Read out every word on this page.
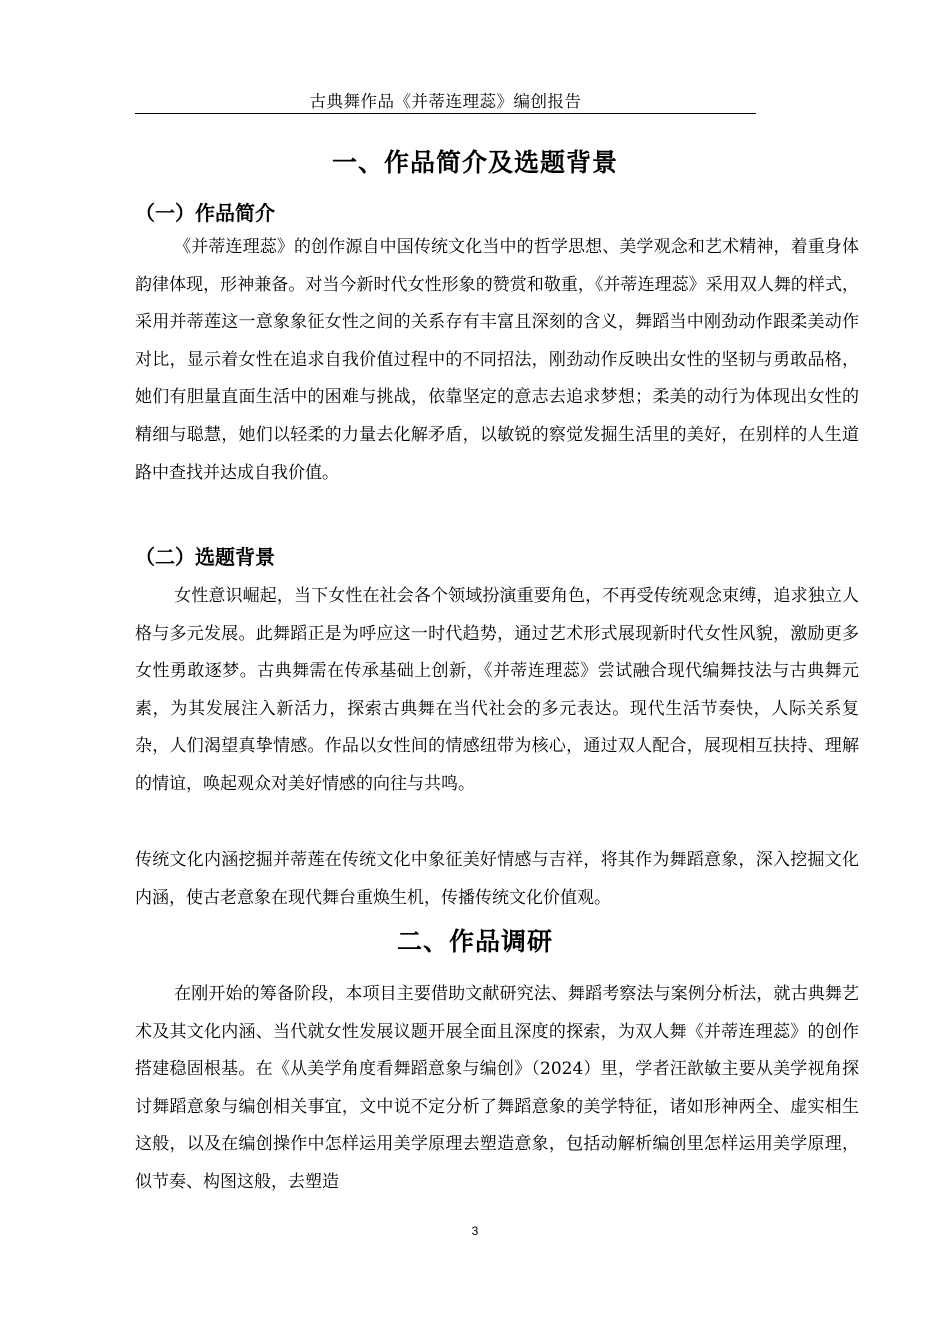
古典舞作品《并蒂连理蕊》编创报告
一、作品简介及选题背景
（一）作品简介

《并蒂连理蕊》的创作源自中国传统文化当中的哲学思想、美学观念和艺术精神，着重身体韵律体现，形神兼备。对当今新时代女性形象的赞赏和敬重，《并蒂连理蕊》采用双人舞的样式，采用并蒂莲这一意象象征女性之间的关系存有丰富且深刻的含义，舞蹈当中刚劲动作跟柔美动作对比，显示着女性在追求自我价值过程中的不同招法，刚劲动作反映出女性的坚韧与勇敢品格，她们有胆量直面生活中的困难与挑战，依靠坚定的意志去追求梦想；柔美的动行为体现出女性的精细与聪慧，她们以轻柔的力量去化解矛盾，以敏锐的察觉发掘生活里的美好，在别样的人生道路中查找并达成自我价值。

（二）选题背景

女性意识崛起，当下女性在社会各个领域扮演重要角色，不再受传统观念束缚，追求独立人格与多元发展。此舞蹈正是为呼应这一时代趋势，通过艺术形式展现新时代女性风貌，激励更多女性勇敢逐梦。古典舞需在传承基础上创新，《并蒂连理蕊》尝试融合现代编舞技法与古典舞元素，为其发展注入新活力，探索古典舞在当代社会的多元表达。现代生活节奏快，人际关系复杂，人们渴望真挚情感。作品以女性间的情感纽带为核心，通过双人配合，展现相互扶持、理解的情谊，唤起观众对美好情感的向往与共鸣。

传统文化内涵挖掘并蒂莲在传统文化中象征美好情感与吉祥，将其作为舞蹈意象，深入挖掘文化内涵，使古老意象在现代舞台重焕生机，传播传统文化价值观。

二、作品调研

在刚开始的筹备阶段，本项目主要借助文献研究法、舞蹈考察法与案例分析法，就古典舞艺术及其文化内涵、当代就女性发展议题开展全面且深度的探索，为双人舞《并蒂连理蕊》的创作搭建稳固根基。在《从美学角度看舞蹈意象与编创》（2024）里，学者汪歆敏主要从美学视角探讨舞蹈意象与编创相关事宜，文中说不定分析了舞蹈意象的美学特征，诸如形神两全、虚实相生这般，以及在编创操作中怎样运用美学原理去塑造意象，包括动解析编创里怎样运用美学原理，似节奏、构图这般，去塑造

3
